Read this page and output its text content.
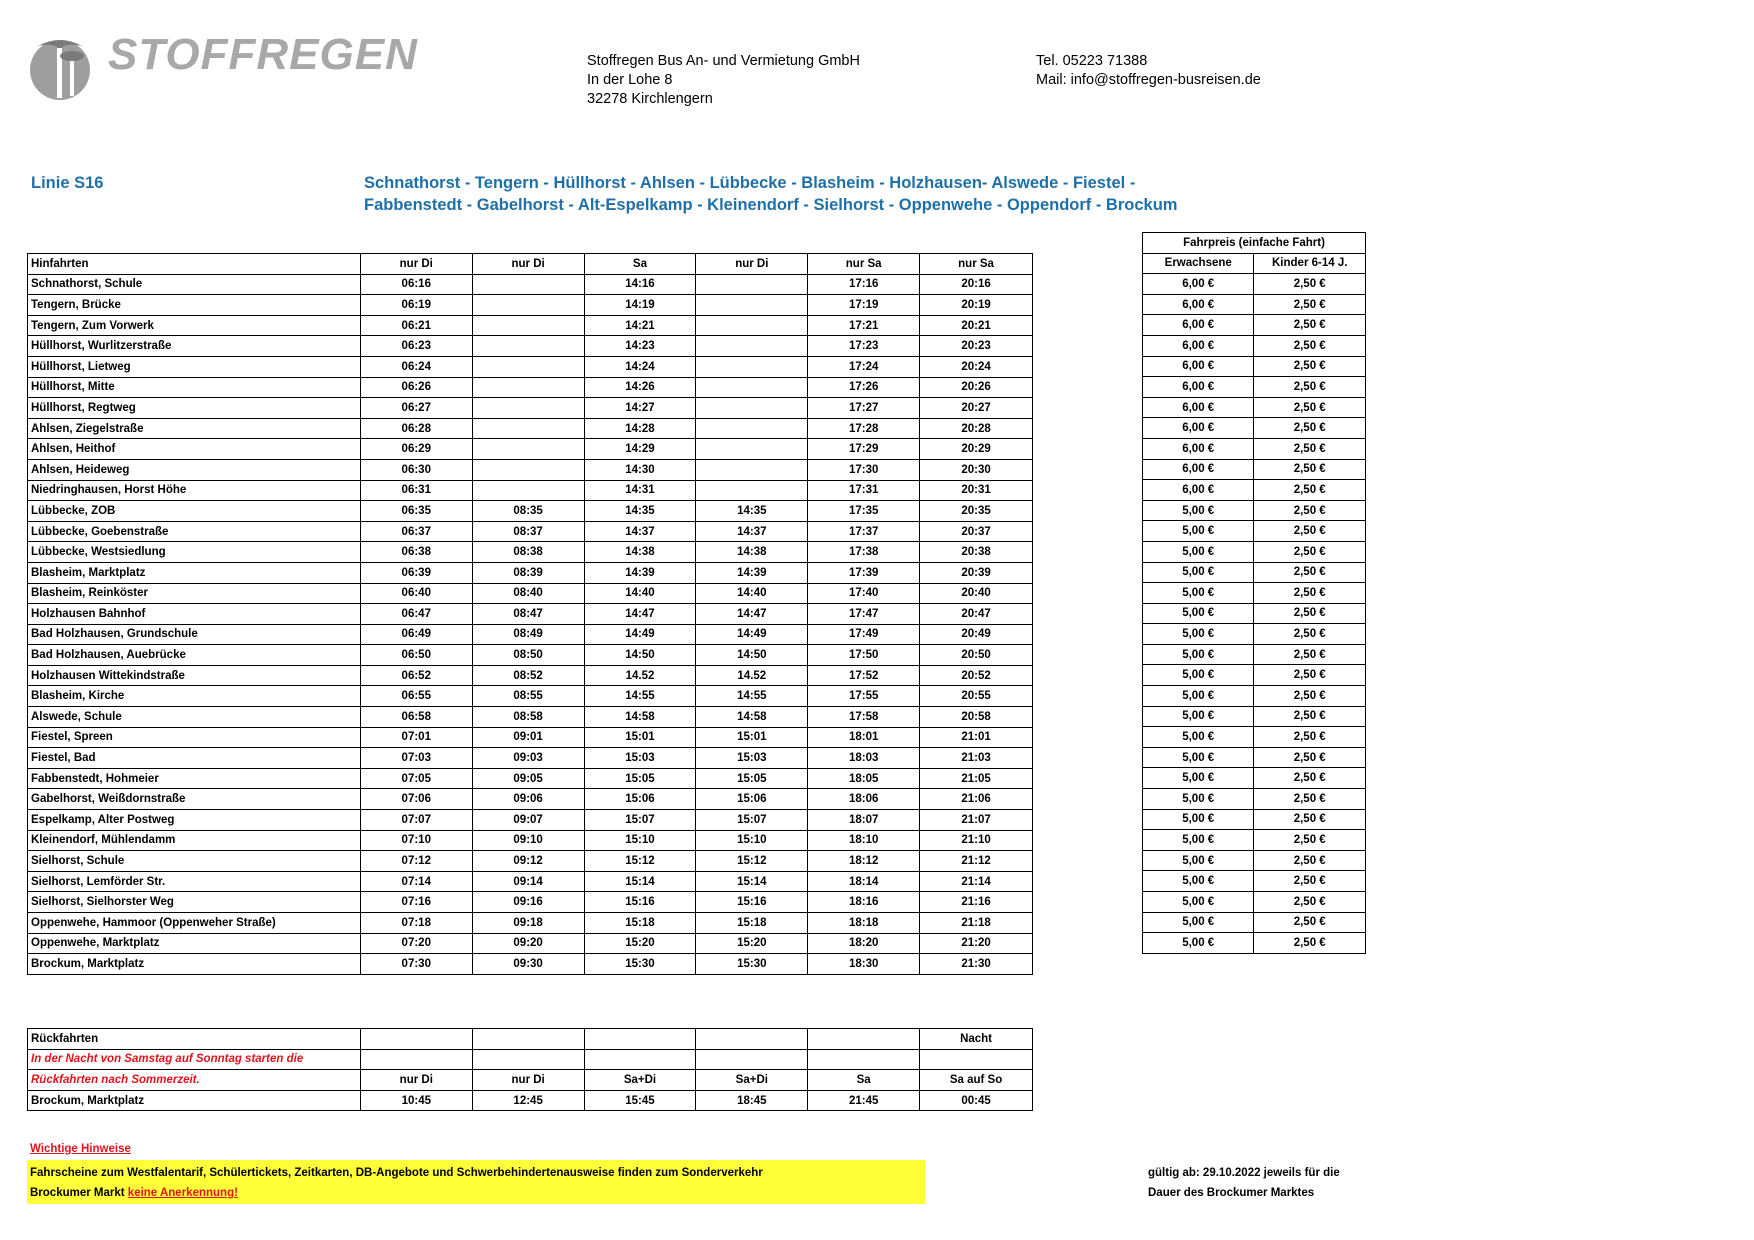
STOFFREGEN	Stoffregen Bus An- und Vermietung GmbH
In der Lohe 8
32278 Kirchlengern
Tel. 05223 71388
Mail: info@stoffregen-busreisen.de
Linie S16	Schnathorst - Tengern - Hüllhorst - Ahlsen - Lübbecke - Blasheim - Holzhausen- Alswede - Fiestel -
Fabbenstedt - Gabelhorst - Alt-Espelkamp - Kleinendorf - Sielhorst - Oppenwehe - Oppendorf - Brockum
Hinfahrten	nur Di	nur Di	Sa	nur Di	nur Sa	nur Sa
Schnathorst, Schule	06:16		14:16		17:16	20:16
Tengern, Brücke	06:19		14:19		17:19	20:19
Tengern, Zum Vorwerk	06:21		14:21		17:21	20:21
Hüllhorst, Wurlitzerstraße	06:23		14:23		17:23	20:23
Hüllhorst, Lietweg	06:24		14:24		17:24	20:24
Hüllhorst, Mitte	06:26		14:26		17:26	20:26
Hüllhorst, Regtweg	06:27		14:27		17:27	20:27
Ahlsen, Ziegelstraße	06:28		14:28		17:28	20:28
Ahlsen, Heithof	06:29		14:29		17:29	20:29
Ahlsen, Heideweg	06:30		14:30		17:30	20:30
Niedringhausen, Horst Höhe	06:31		14:31		17:31	20:31
Lübbecke, ZOB	06:35	08:35	14:35	14:35	17:35	20:35
Lübbecke, Goebenstraße	06:37	08:37	14:37	14:37	17:37	20:37
Lübbecke, Westsiedlung	06:38	08:38	14:38	14:38	17:38	20:38
Blasheim, Marktplatz	06:39	08:39	14:39	14:39	17:39	20:39
Blasheim, Reinköster	06:40	08:40	14:40	14:40	17:40	20:40
Holzhausen Bahnhof	06:47	08:47	14:47	14:47	17:47	20:47
Bad Holzhausen, Grundschule	06:49	08:49	14:49	14:49	17:49	20:49
Bad Holzhausen, Auebrücke	06:50	08:50	14:50	14:50	17:50	20:50
Holzhausen Wittekindstraße	06:52	08:52	14.52	14.52	17:52	20:52
Blasheim, Kirche	06:55	08:55	14:55	14:55	17:55	20:55
Alswede, Schule	06:58	08:58	14:58	14:58	17:58	20:58
Fiestel, Spreen	07:01	09:01	15:01	15:01	18:01	21:01
Fiestel, Bad	07:03	09:03	15:03	15:03	18:03	21:03
Fabbenstedt, Hohmeier	07:05	09:05	15:05	15:05	18:05	21:05
Gabelhorst, Weißdornstraße	07:06	09:06	15:06	15:06	18:06	21:06
Espelkamp, Alter Postweg	07:07	09:07	15:07	15:07	18:07	21:07
Kleinendorf, Mühlendamm	07:10	09:10	15:10	15:10	18:10	21:10
Sielhorst, Schule	07:12	09:12	15:12	15:12	18:12	21:12
Sielhorst, Lemförder Str.	07:14	09:14	15:14	15:14	18:14	21:14
Sielhorst, Sielhorster Weg	07:16	09:16	15:16	15:16	18:16	21:16
Oppenwehe, Hammoor (Oppenweher Straße)	07:18	09:18	15:18	15:18	18:18	21:18
Oppenwehe, Marktplatz	07:20	09:20	15:20	15:20	18:20	21:20
Brockum, Marktplatz	07:30	09:30	15:30	15:30	18:30	21:30
Fahrpreis (einfache Fahrt)	
Erwachsene	Kinder 6-14 J.
6,00 €	2,50 €
6,00 €	2,50 €
6,00 €	2,50 €
6,00 €	2,50 €
6,00 €	2,50 €
6,00 €	2,50 €
6,00 €	2,50 €
6,00 €	2,50 €
6,00 €	2,50 €
6,00 €	2,50 €
6,00 €	2,50 €
5,00 €	2,50 €
5,00 €	2,50 €
5,00 €	2,50 €
5,00 €	2,50 €
5,00 €	2,50 €
5,00 €	2,50 €
5,00 €	2,50 €
5,00 €	2,50 €
5,00 €	2,50 €
5,00 €	2,50 €
5,00 €	2,50 €
5,00 €	2,50 €
5,00 €	2,50 €
5,00 €	2,50 €
5,00 €	2,50 €
5,00 €	2,50 €
5,00 €	2,50 €
5,00 €	2,50 €
5,00 €	2,50 €
5,00 €	2,50 €
5,00 €	2,50 €
5,00 €	2,50 €
Rückfahrten						Nacht
In der Nacht von Samstag auf Sonntag starten die						
Rückfahrten nach Sommerzeit.	nur Di	nur Di	Sa+Di	Sa+Di	Sa	Sa auf So
Brockum, Marktplatz	10:45	12:45	15:45	18:45	21:45	00:45
Wichtige Hinweise
Fahrscheine zum Westfalentarif, Schülertickets, Zeitkarten, DB-Angebote und Schwerbehindertenausweise finden zum Sonderverkehr
Brockumer Markt keine Anerkennung!
gültig ab: 29.10.2022 jeweils für die
Dauer des Brockumer Marktes
